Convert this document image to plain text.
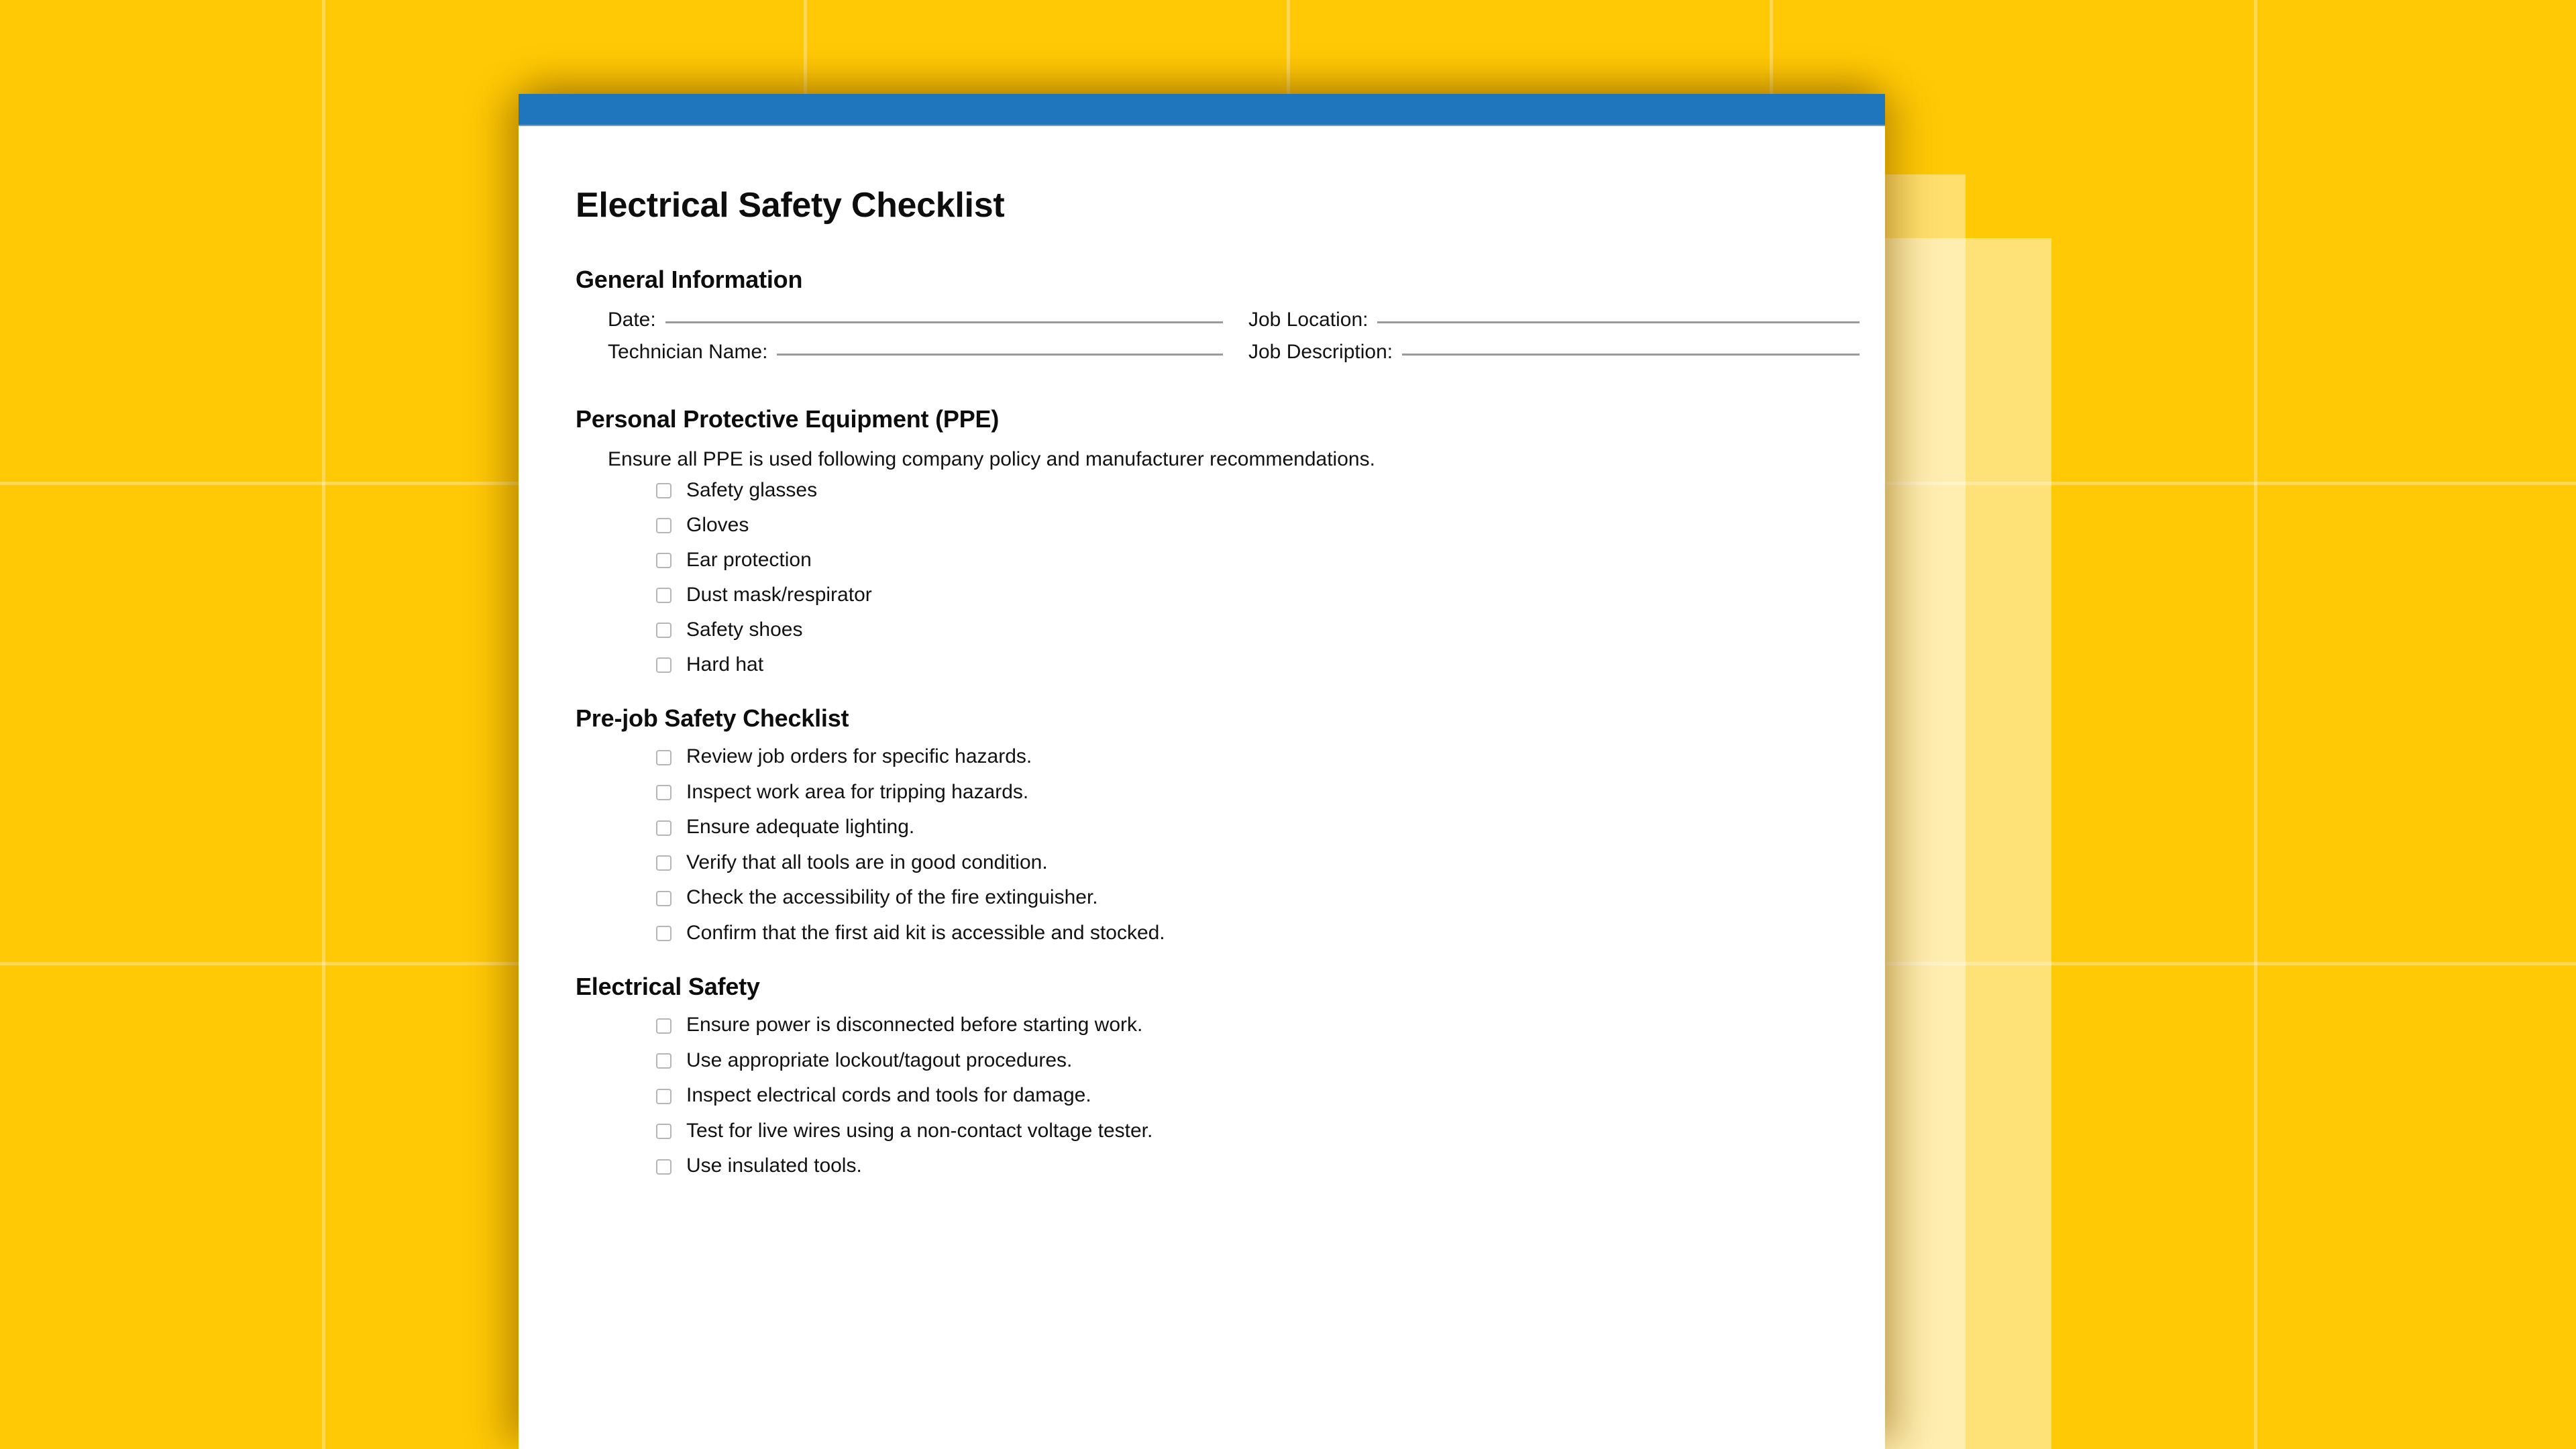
Electrical Safety Checklist
General Information
Date:	Job Location:
Technician Name:	Job Description:
Personal Protective Equipment (PPE)

Ensure all PPE is used following company policy and manufacturer recommendations.

Safety glasses
Gloves
Ear protection
Dust mask/respirator
Safety shoes
Hard hat
Pre-job Safety Checklist
Review job orders for specific hazards.
Inspect work area for tripping hazards.
Ensure adequate lighting.
Verify that all tools are in good condition.
Check the accessibility of the fire extinguisher.
Confirm that the first aid kit is accessible and stocked.
Electrical Safety
Ensure power is disconnected before starting work.
Use appropriate lockout/tagout procedures.
Inspect electrical cords and tools for damage.
Test for live wires using a non-contact voltage tester.
Use insulated tools.
